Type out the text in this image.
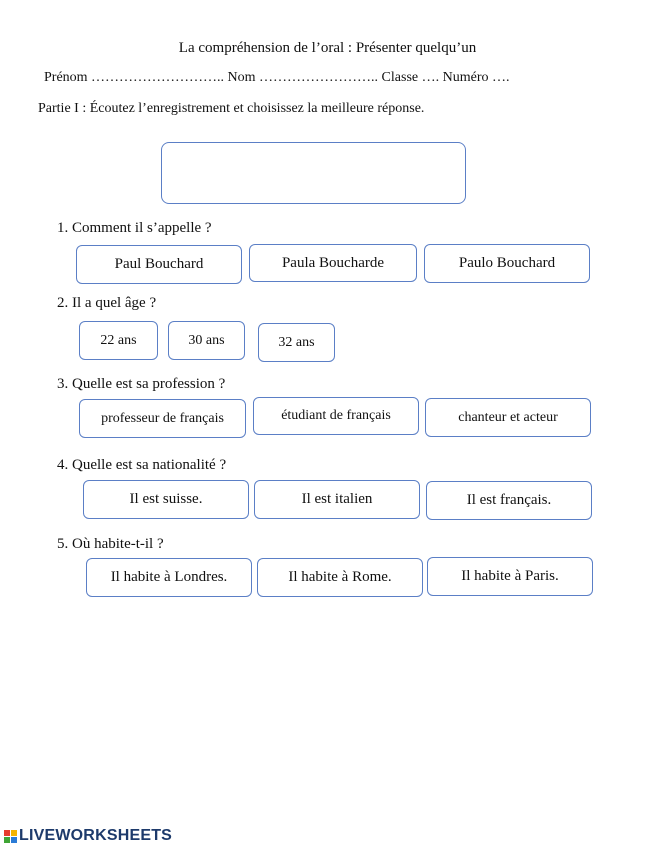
La compréhension de l’oral : Présenter quelqu’un
Prénom ……………………….. Nom …………………….. Classe …. Numéro ….
Partie I : Écoutez l’enregistrement et choisissez la meilleure réponse.
1. Comment il s’appelle ?
Paul Bouchard	Paula Boucharde	Paulo Bouchard
2. Il a quel âge ?
22 ans	30 ans	32 ans
3. Quelle est sa profession ?
professeur de français	étudiant de français	chanteur et acteur
4. Quelle est sa nationalité ?
Il est suisse.	Il est italien	Il est français.
5. Où habite-t-il ?
Il habite à Londres.	Il habite à Rome.	Il habite à Paris.
LIVEWORKSHEETS
